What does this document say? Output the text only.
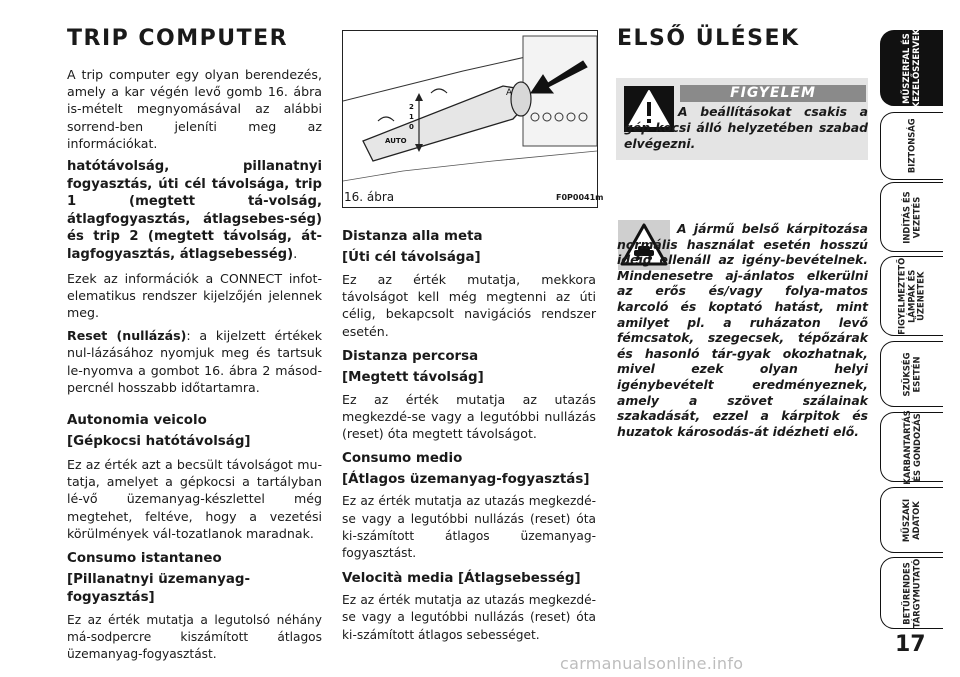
TRIP COMPUTER

A trip computer egy olyan berendezés, amely a kar végén levő gomb 16. ábra is-mételt megnyomásával az alábbi sorrend-ben jeleníti meg az információkat.

hatótávolság, pillanatnyi fogyasztás, úti cél távolsága, trip 1 (megtett tá-volság, átlagfogyasztás, átlagsebes-ség) és trip 2 (megtett távolság, át-lagfogyasztás, átlagsebesség).

Ezek az információk a CONNECT infot-elematikus rendszer kijelzőjén jelennek meg.

Reset (nullázás): a kijelzett értékek nul-lázásához nyomjuk meg és tartsuk le-nyomva a gombot 16. ábra 2 másod-percnél hosszabb időtartamra.

Autonomia veicolo

[Gépkocsi hatótávolság]

Ez az érték azt a becsült távolságot mu-tatja, amelyet a gépkocsi a tartályban lé-vő üzemanyag-készlettel még megtehet, feltéve, hogy a vezetési körülmények vál-tozatlanok maradnak.

Consumo istantaneo

[Pillanatnyi üzemanyag-fogyasztás]

Ez az érték mutatja a legutolsó néhány má-sodpercre kiszámított átlagos üzemanyag-fogyasztást.

A
2
1
0
AUTO
16. ábra	F0P0041m

Distanza alla meta

[Úti cél távolsága]

Ez az érték mutatja, mekkora távolságot kell még megtenni az úti célig, bekapcsolt navigációs rendszer esetén.

Distanza percorsa

[Megtett távolság]

Ez az érték mutatja az utazás megkezdé-se vagy a legutóbbi nullázás (reset) óta megtett távolságot.

Consumo medio

[Átlagos üzemanyag-fogyasztás]

Ez az érték mutatja az utazás megkezdé-se vagy a legutóbbi nullázás (reset) óta ki-számított átlagos üzemanyag-fogyasztást.

Velocità media [Átlagsebesség]

Ez az érték mutatja az utazás megkezdé-se vagy a legutóbbi nullázás (reset) óta ki-számított átlagos sebességet.

ELSŐ ÜLÉSEK
FIGYELEM

A beállításokat csakis a gép-kocsi álló helyzetében szabad elvégezni.

A jármű belső kárpitozása normális használat esetén hosszú ideig ellenáll az igény-bevételnek. Mindenesetre aj-ánlatos elkerülni az erős és/vagy folya-matos karcoló és koptató hatást, mint amilyet pl. a ruházaton levő fémcsatok, szegecsek, tépőzárak és hasonló tár-gyak okozhatnak, mivel ezek olyan helyi igénybevételt eredményeznek, amely a szövet szálainak szakadását, ezzel a kárpitok és huzatok károsodás-át idézheti elő.

MŰSZERFAL ÉS
KEZELŐSZERVEK
BIZTONSÁG
INDÍTÁS ÉS
VEZETÉS
FIGYELMEZTETŐ
LÁMPÁK ÉS
ÜZENETEK
SZÜKSÉG
ESETÉN
KARBANTARTÁS
ÉS GONDOZÁS
MŰSZAKI
ADATOK
BETŰRENDES
TÁRGYMUTATÓ
17
carmanualsonline.info
